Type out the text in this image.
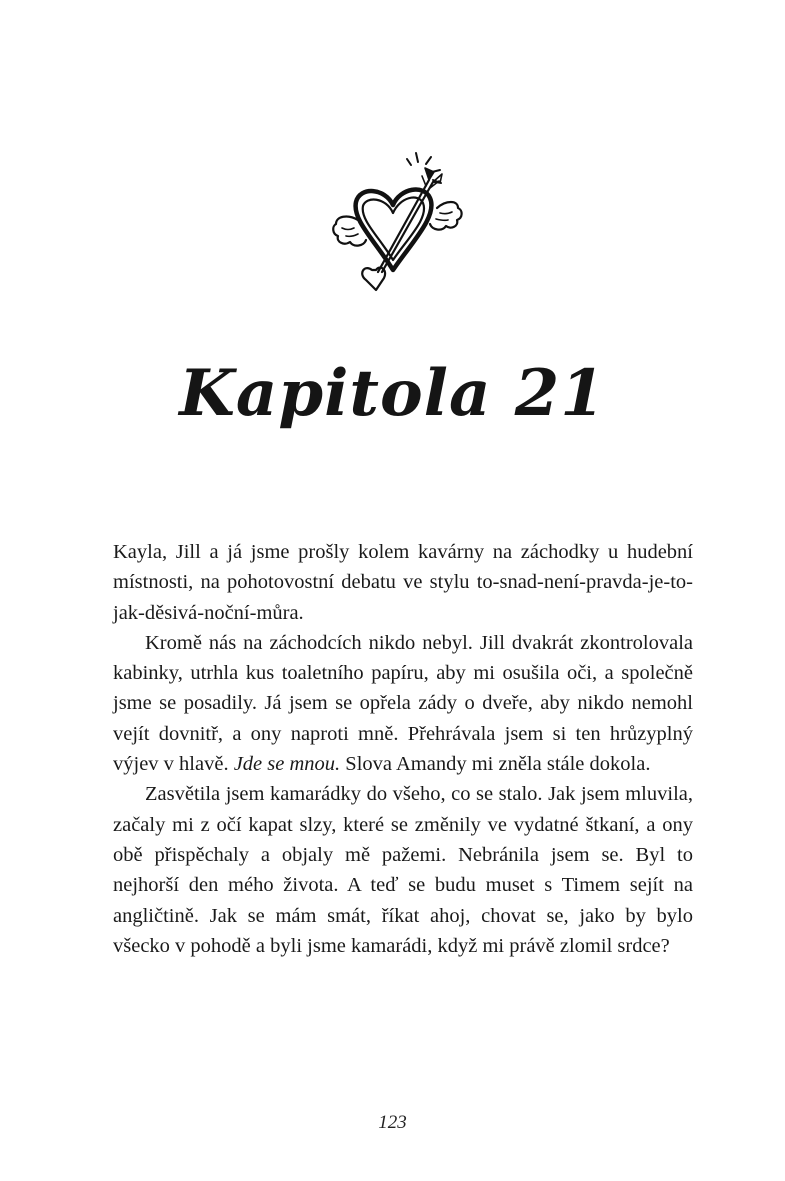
Kapitola 21

Kayla, Jill a já jsme prošly kolem kavárny na záchodky u hudební místnosti, na pohotovostní debatu ve stylu to-snad-není-pravda-je-to-jak-děsivá-noční-můra.

Kromě nás na záchodcích nikdo nebyl. Jill dvakrát zkontrolovala kabinky, utrhla kus toaletního papíru, aby mi osušila oči, a společně jsme se posadily. Já jsem se opřela zády o dveře, aby nikdo nemohl vejít dovnitř, a ony naproti mně. Přehrávala jsem si ten hrůzyplný výjev v hlavě. Jde se mnou. Slova Amandy mi zněla stále dokola.

Zasvětila jsem kamarádky do všeho, co se stalo. Jak jsem mluvila, začaly mi z očí kapat slzy, které se změnily ve vydatné štkaní, a ony obě přispěchaly a objaly mě pažemi. Nebránila jsem se. Byl to nejhorší den mého života. A teď se budu muset s Timem sejít na angličtině. Jak se mám smát, říkat ahoj, chovat se, jako by bylo všecko v pohodě a byli jsme kamarádi, když mi právě zlomil srdce?

123
